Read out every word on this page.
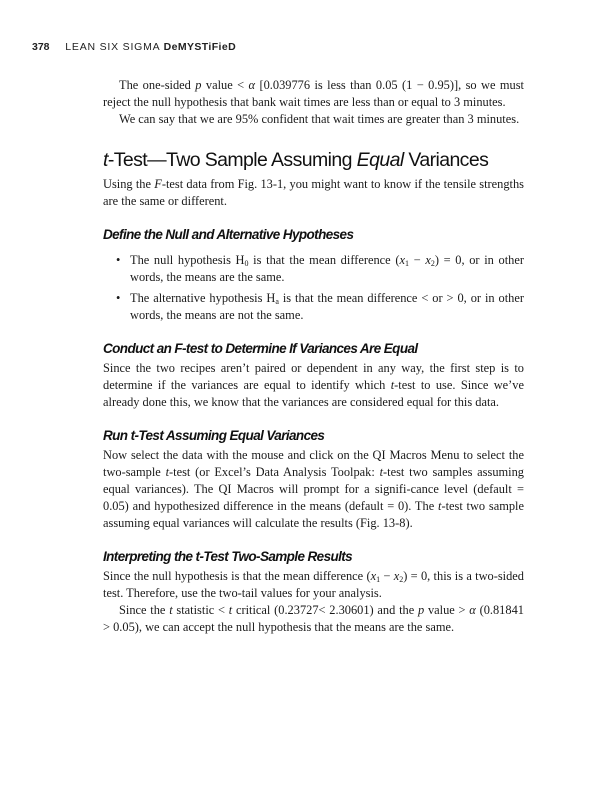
378 LEAN SIX SIGMA DeMYSTiFieD

The one-sided p value < α [0.039776 is less than 0.05 (1 − 0.95)], so we must reject the null hypothesis that bank wait times are less than or equal to 3 minutes.

We can say that we are 95% confident that wait times are greater than 3 minutes.

t-Test—Two Sample Assuming Equal Variances

Using the F-test data from Fig. 13-1, you might want to know if the tensile strengths are the same or different.

Define the Null and Alternative Hypotheses
• The null hypothesis $H_0$ is that the mean difference $(x_1 - x_2) = 0$, or in other words, the means are the same.
• The alternative hypothesis $H_a$ is that the mean difference < or > 0, or in other words, the means are not the same.
Conduct an F-test to Determine If Variances Are Equal

Since the two recipes aren’t paired or dependent in any way, the first step is to determine if the variances are equal to identify which t-test to use. Since we’ve already done this, we know that the variances are considered equal for this data.

Run t-Test Assuming Equal Variances

Now select the data with the mouse and click on the QI Macros Menu to select the two-sample t-test (or Excel’s Data Analysis Toolpak: t-test two samples assuming equal variances). The QI Macros will prompt for a signifi-cance level (default = 0.05) and hypothesized difference in the means (default = 0). The t-test two sample assuming equal variances will calculate the results (Fig. 13-8).

Interpreting the t-Test Two-Sample Results

Since the null hypothesis is that the mean difference $(x_1 - x_2) = 0$, this is a two-sided test. Therefore, use the two-tail values for your analysis.

Since the t statistic < t critical (0.23727< 2.30601) and the p value > α (0.81841 > 0.05), we can accept the null hypothesis that the means are the same.
